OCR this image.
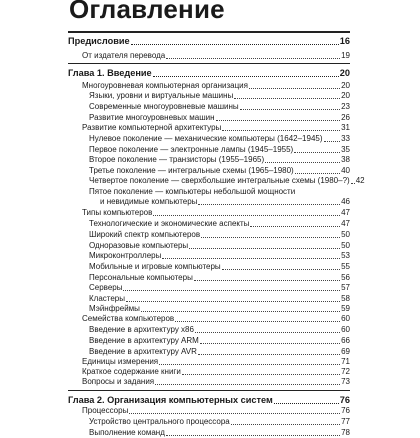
Оглавление
Предисловие	16
От издателя перевода	19
Глава 1. Введение	20
Многоуровневая компьютерная организация	20
Языки, уровни и виртуальные машины	20
Современные многоуровневые машины	23
Развитие многоуровневых машин	26
Развитие компьютерной архитектуры	31
Нулевое поколение — механические компьютеры (1642–1945) 33
Первое поколение — электронные лампы (1945–1955)	35
Второе поколение — транзисторы (1955–1965)	38
Третье поколение — интегральные схемы (1965–1980)	40
Четвертое поколение — сверхбольшие интегральные схемы (1980–?) 42
Пятое поколение — компьютеры небольшой мощности
и невидимые компьютеры	46
Типы компьютеров	47
Технологические и экономические аспекты	47
Широкий спектр компьютеров	50
Одноразовые компьютеры	50
Микроконтроллеры	53
Мобильные и игровые компьютеры	55
Персональные компьютеры	56
Серверы	57
Кластеры	58
Мэйнфреймы	59
Семейства компьютеров	60
Введение в архитектуру x86	60
Введение в архитектуру ARM	66
Введение в архитектуру AVR	69
Единицы измерения	71
Краткое содержание книги	72
Вопросы и задания	73
Глава 2. Организация компьютерных систем	76
Процессоры	76
Устройство центрального процессора	77
Выполнение команд	78
